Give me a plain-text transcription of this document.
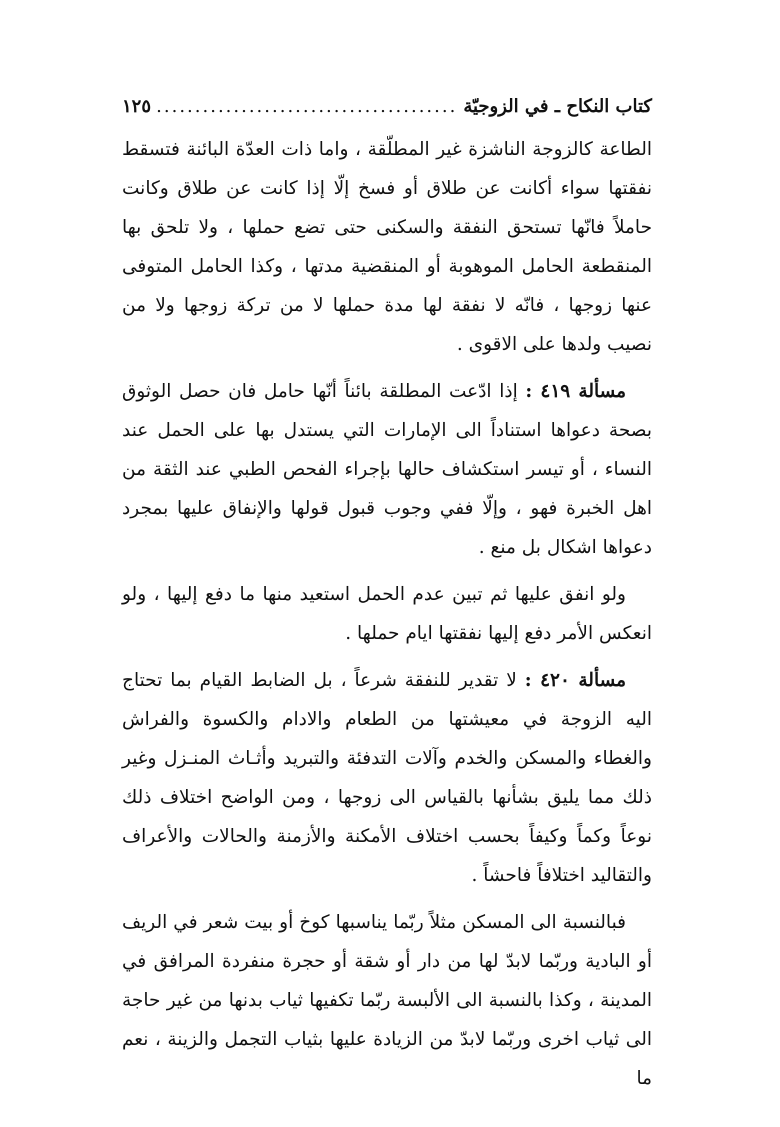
كتاب النكاح ـ في الزوجيّة
.....
١٢٥

الطاعة كالزوجة الناشزة غير المطلّقة ، واما ذات العدّة البائنة فتسقط نفقتها سواء أكانت عن طلاق أو فسخ إلّا إذا كانت عن طلاق وكانت حاملاً فانّها تستحق النفقة والسكنى حتى تضع حملها ، ولا تلحق بها المنقطعة الحامل الموهوبة أو المنقضية مدتها ، وكذا الحامل المتوفى عنها زوجها ، فانّه لا نفقة لها مدة حملها لا من تركة زوجها ولا من نصيب ولدها على الاقوى .

مسألة ٤١٩ : إذا ادّعت المطلقة بائناً أنّها حامل فان حصل الوثوق بصحة دعواها استناداً الى الإمارات التي يستدل بها على الحمل عند النساء ، أو تيسر استكشاف حالها بإجراء الفحص الطبي عند الثقة من اهل الخبرة فهو ، وإلّا ففي وجوب قبول قولها والإنفاق عليها بمجرد دعواها اشكال بل منع .

ولو انفق عليها ثم تبين عدم الحمل استعيد منها ما دفع إليها ، ولو انعكس الأمر دفع إليها نفقتها ايام حملها .

مسألة ٤٢٠ : لا تقدير للنفقة شرعاً ، بل الضابط القيام بما تحتاج اليه الزوجة في معيشتها من الطعام والادام والكسوة والفراش والغطاء والمسكن والخدم وآلات التدفئة والتبريد وأثـاث المنـزل وغير ذلك مما يليق بشأنها بالقياس الى زوجها ، ومن الواضح اختلاف ذلك نوعاً وكماً وكيفاً بحسب اختلاف الأمكنة والأزمنة والحالات والأعراف والتقاليد اختلافاً فاحشاً .

فبالنسبة الى المسكن مثلاً ربّما يناسبها كوخ أو بيت شعر في الريف أو البادية وربّما لابدّ لها من دار أو شقة أو حجرة منفردة المرافق في المدينة ، وكذا بالنسبة الى الألبسة ربّما تكفيها ثياب بدنها من غير حاجة الى ثياب اخرى وربّما لابدّ من الزيادة عليها بثياب التجمل والزينة ، نعم ما
